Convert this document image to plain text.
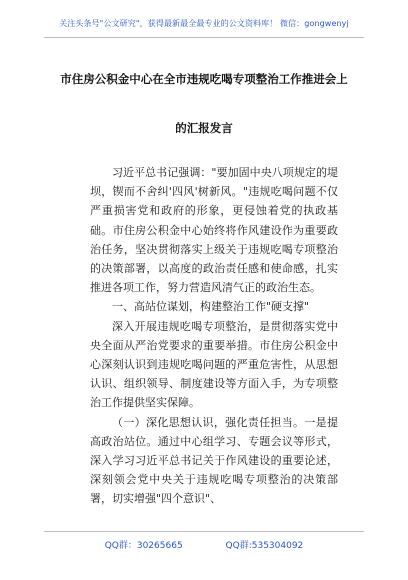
关注头条号"公文研究"，获得最新最全最专业的公文资料库！ 微信：gongwenyj
市住房公积金中心在全市违规吃喝专项整治工作推进会上
的汇报发言

习近平总书记强调："要加固中央八项规定的堤坝，锲而不舍纠'四风'树新风。"违规吃喝问题不仅严重损害党和政府的形象，更侵蚀着党的执政基础。市住房公积金中心始终将作风建设作为重要政治任务，坚决贯彻落实上级关于违规吃喝专项整治的决策部署，以高度的政治责任感和使命感，扎实推进各项工作，努力营造风清气正的政治生态。

一、高站位谋划，构建整治工作"硬支撑"

深入开展违规吃喝专项整治，是贯彻落实党中央全面从严治党要求的重要举措。市住房公积金中心深刻认识到违规吃喝问题的严重危害性，从思想认识、组织领导、制度建设等方面入手，为专项整治工作提供坚实保障。

（一）深化思想认识，强化责任担当。一是提高政治站位。通过中心组学习、专题会议等形式，深入学习习近平总书记关于作风建设的重要论述，深刻领会党中央关于违规吃喝专项整治的决策部署，切实增强"四个意识"、

QQ群：30265665	QQ群:535304092
